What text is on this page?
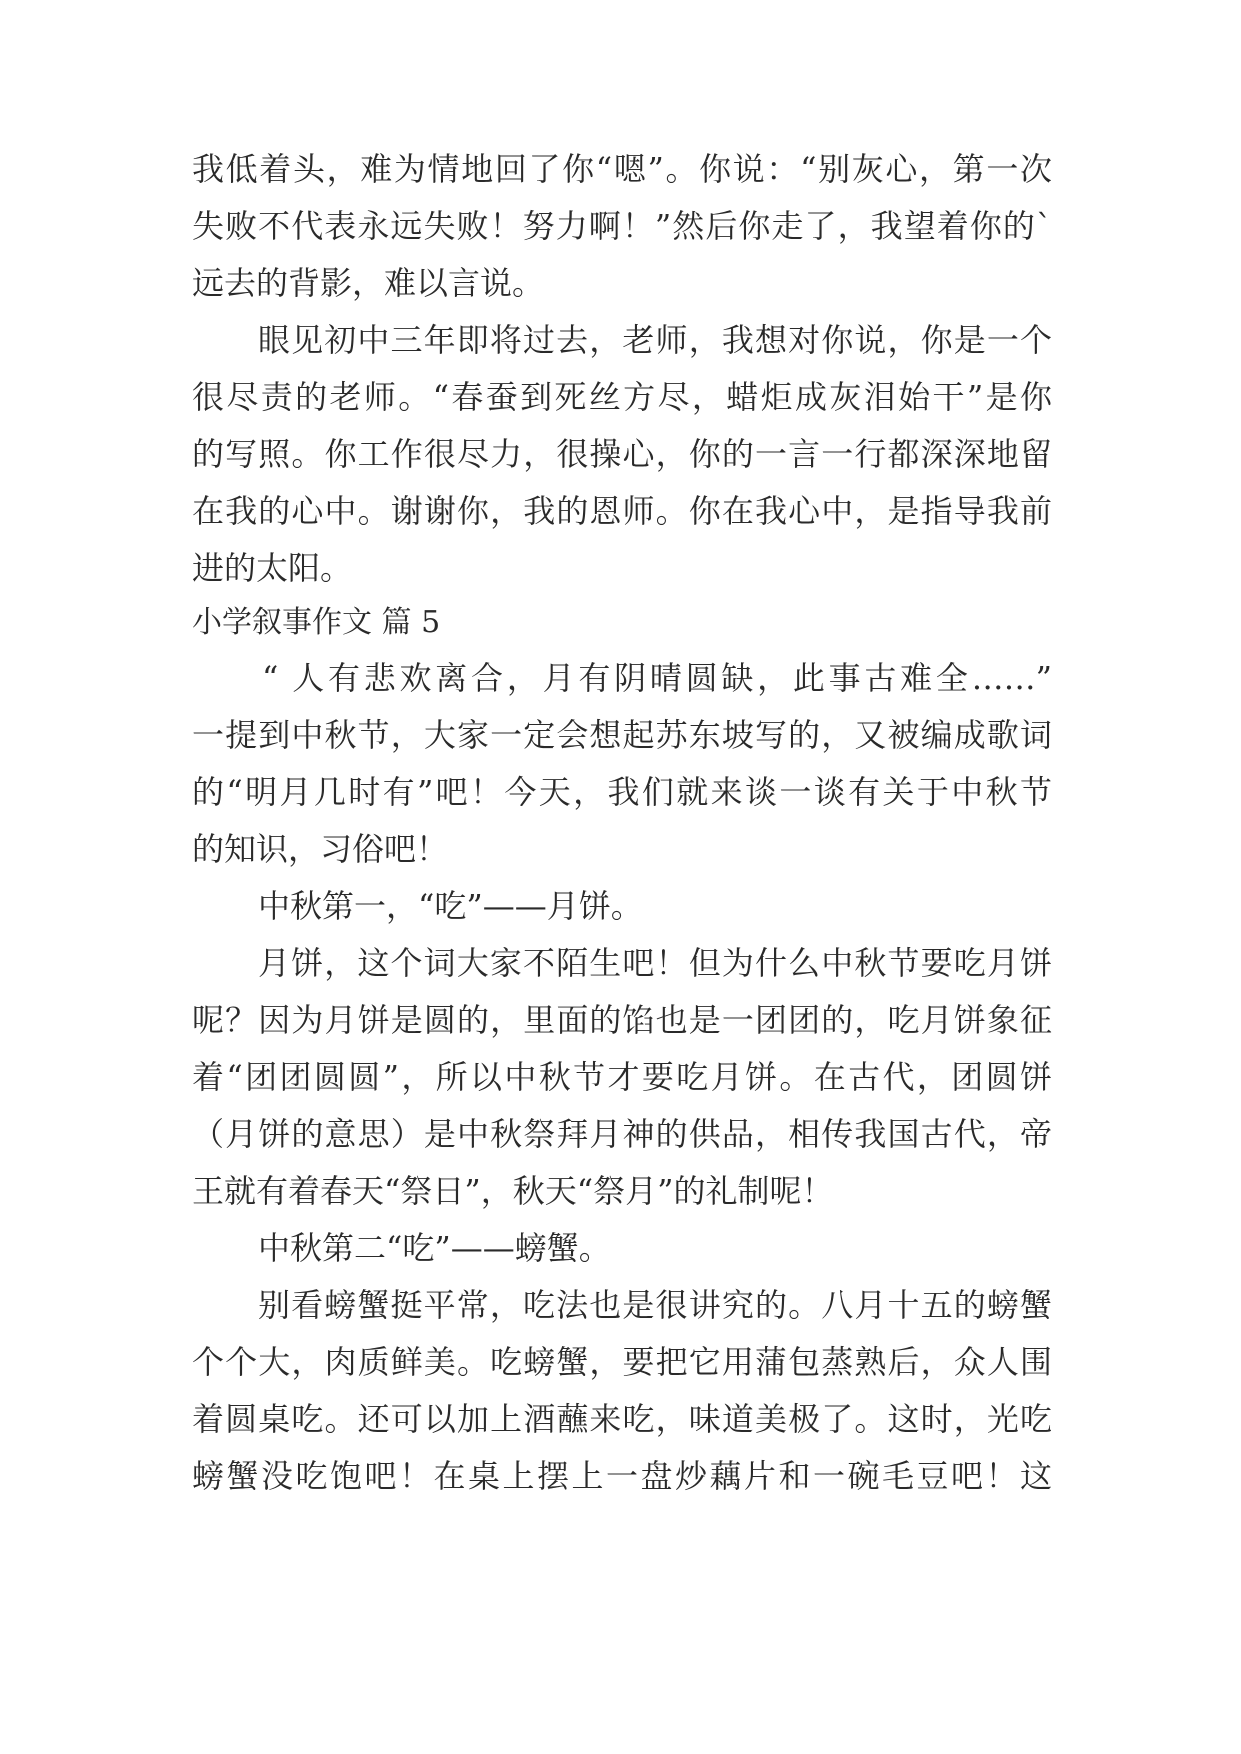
我低着头，难为情地回了你“嗯”。你说：“别灰心，第一次
失败不代表永远失败！努力啊！”然后你走了，我望着你的`
远去的背影，难以言说。
眼见初中三年即将过去，老师，我想对你说，你是一个
很尽责的老师。“春蚕到死丝方尽，蜡炬成灰泪始干”是你
的写照。你工作很尽力，很操心，你的一言一行都深深地留
在我的心中。谢谢你，我的恩师。你在我心中，是指导我前
进的太阳。
小学叙事作文 篇 5
“ 人有悲欢离合，月有阴晴圆缺，此事古难全……”
一提到中秋节，大家一定会想起苏东坡写的，又被编成歌词
的“明月几时有”吧！今天，我们就来谈一谈有关于中秋节
的知识，习俗吧！
中秋第一，“吃”——月饼。
月饼，这个词大家不陌生吧！但为什么中秋节要吃月饼
呢？因为月饼是圆的，里面的馅也是一团团的，吃月饼象征
着“团团圆圆”，所以中秋节才要吃月饼。在古代，团圆饼
（月饼的意思）是中秋祭拜月神的供品，相传我国古代，帝
王就有着春天“祭日”，秋天“祭月”的礼制呢！
中秋第二“吃”——螃蟹。
别看螃蟹挺平常，吃法也是很讲究的。八月十五的螃蟹
个个大，肉质鲜美。吃螃蟹，要把它用蒲包蒸熟后，众人围
着圆桌吃。还可以加上酒蘸来吃，味道美极了。这时，光吃
螃蟹没吃饱吧！在桌上摆上一盘炒藕片和一碗毛豆吧！这
